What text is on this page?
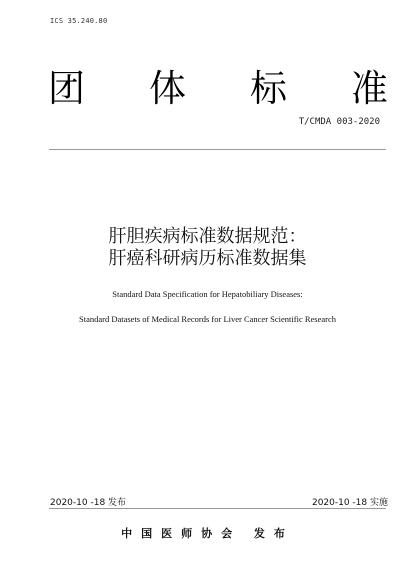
ICS 35.240.80
团 体 标 准
T/CMDA 003-2020
肝胆疾病标准数据规范：
肝癌科研病历标准数据集
Standard Data Specification for Hepatobiliary Diseases:
Standard Datasets of Medical Records for Liver Cancer Scientific Research
2020-10 -18 发布	2020-10 -18 实施
中国医师协会 发布
